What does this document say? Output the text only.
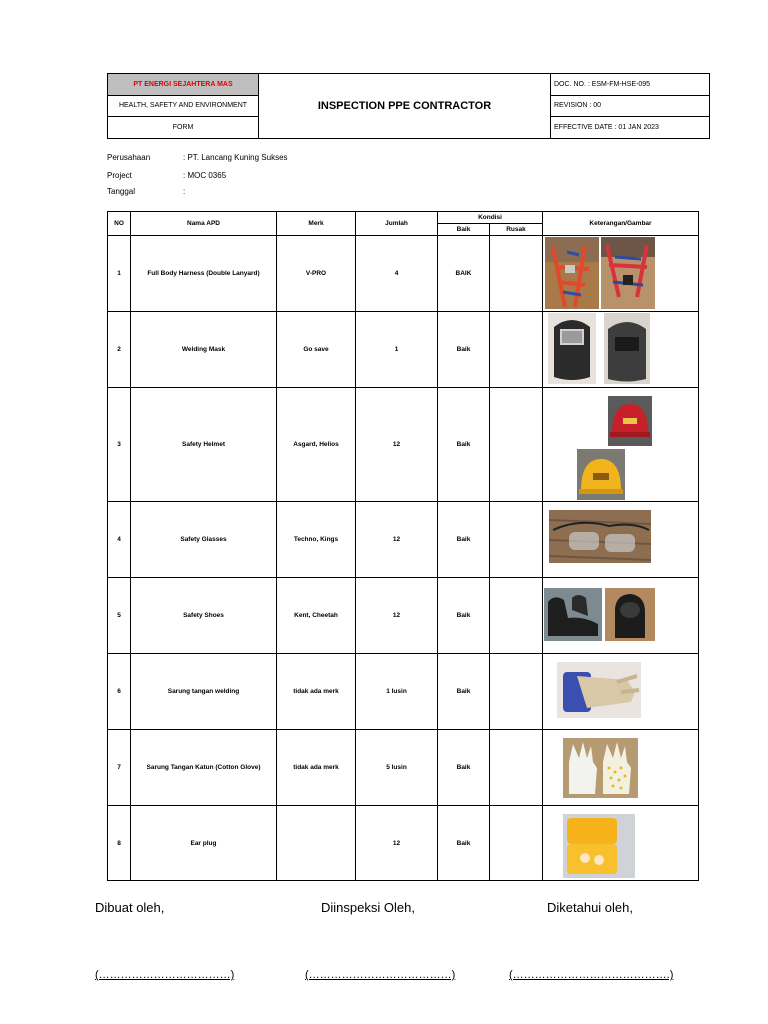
PT ENERGI SEJAHTERA MAS	INSPECTION PPE CONTRACTOR	DOC. NO. : ESM-FM-HSE-095
HEALTH, SAFETY AND ENVIRONMENT		REVISION : 00
FORM		EFFECTIVE DATE : 01 JAN 2023
Perusahaan	: PT. Lancang Kuning Sukses
Project	: MOC 0365
Tanggal	:
NO	Nama APD	Merk	Jumlah	Kondisi		Keterangan/Gambar
				Baik	Rusak	
1	Full Body Harness (Double Lanyard)	V-PRO	4	BAIK		

2	Welding Mask	Go save	1	Baik		

3	Safety Helmet	Asgard, Helios	12	Baik		

4	Safety Glasses	Techno, Kings	12	Baik		

5	Safety Shoes	Kent, Cheetah	12	Baik		

6	Sarung tangan welding	tidak ada merk	1 lusin	Baik		

7	Sarung Tangan Katun (Cotton Glove)	tidak ada merk	5 lusin	Baik		

8	Ear plug		12	Baik		
Dibuat oleh,	Diinspeksi Oleh,	Diketahui oleh,
(………………………………)	(…………………………………)	(…………………………………….)
